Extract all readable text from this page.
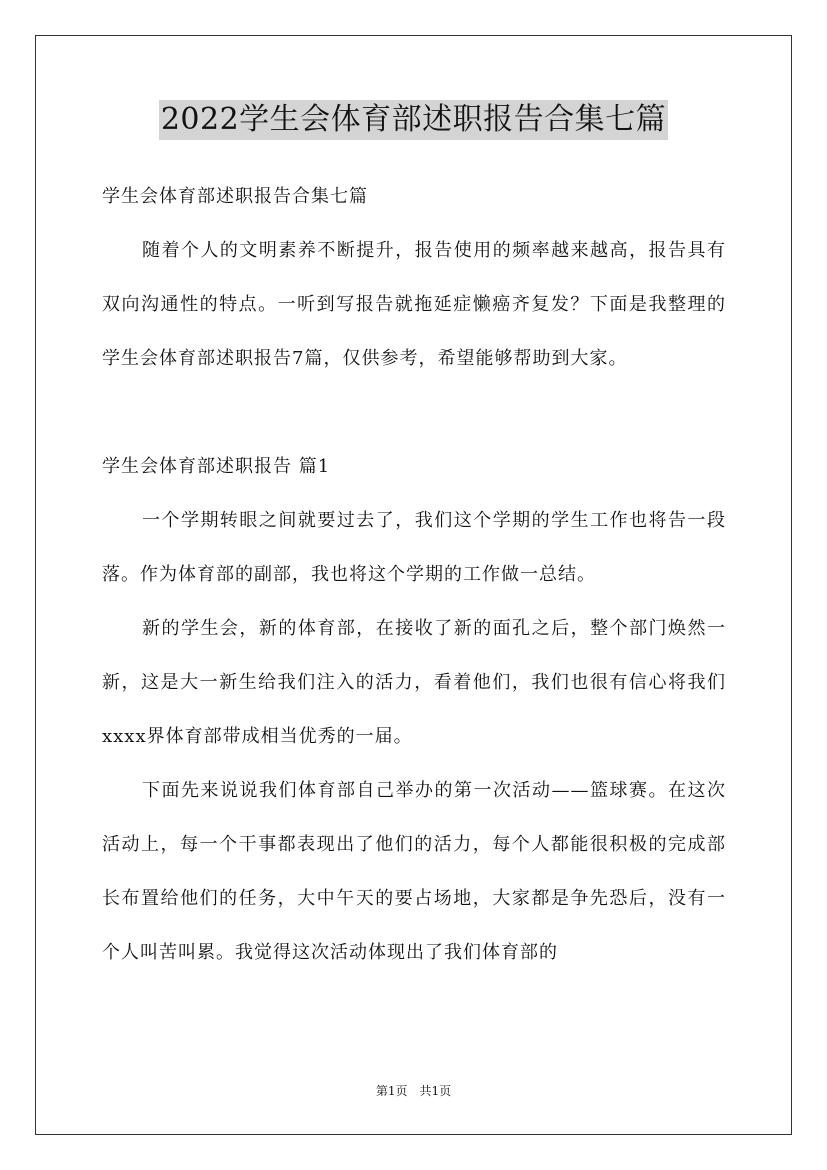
2022学生会体育部述职报告合集七篇

学生会体育部述职报告合集七篇

随着个人的文明素养不断提升，报告使用的频率越来越高，报告具有双向沟通性的特点。一听到写报告就拖延症懒癌齐复发？下面是我整理的学生会体育部述职报告7篇，仅供参考，希望能够帮助到大家。

学生会体育部述职报告 篇1

一个学期转眼之间就要过去了，我们这个学期的学生工作也将告一段落。作为体育部的副部，我也将这个学期的工作做一总结。

新的学生会，新的体育部，在接收了新的面孔之后，整个部门焕然一新，这是大一新生给我们注入的活力，看着他们，我们也很有信心将我们xxxx界体育部带成相当优秀的一届。

下面先来说说我们体育部自己举办的第一次活动——篮球赛。在这次活动上，每一个干事都表现出了他们的活力，每个人都能很积极的完成部长布置给他们的任务，大中午天的要占场地，大家都是争先恐后，没有一个人叫苦叫累。我觉得这次活动体现出了我们体育部的

第1页　共1页
